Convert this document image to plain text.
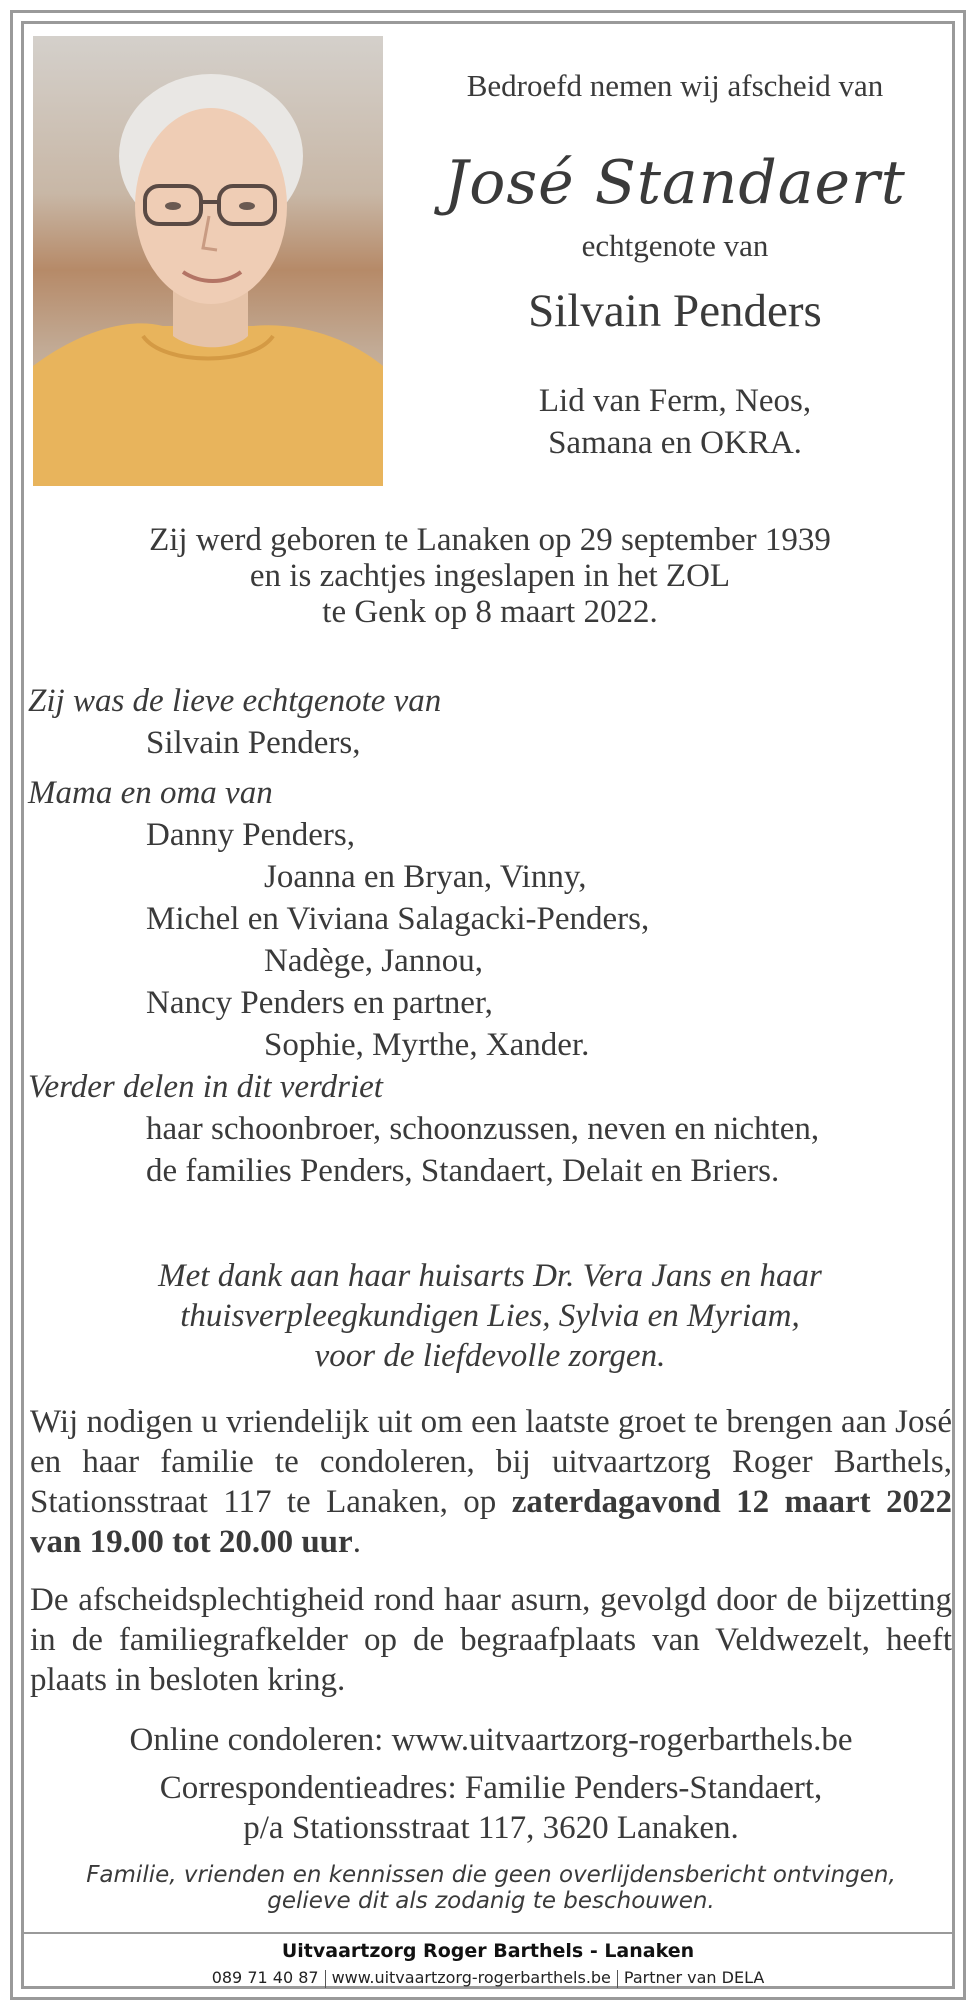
Bedroefd nemen wij afscheid van
José Standaert
echtgenote van
Silvain Penders
Lid van Ferm, Neos,
Samana en OKRA.
Zij werd geboren te Lanaken op 29 september 1939
en is zachtjes ingeslapen in het ZOL
te Genk op 8 maart 2022.
Zij was de lieve echtgenote van
Silvain Penders,
Mama en oma van
Danny Penders,
Joanna en Bryan, Vinny,
Michel en Viviana Salagacki-Penders,
Nadège, Jannou,
Nancy Penders en partner,
Sophie, Myrthe, Xander.
Verder delen in dit verdriet
haar schoonbroer, schoonzussen, neven en nichten,
de families Penders, Standaert, Delait en Briers.
Met dank aan haar huisarts Dr. Vera Jans en haar
thuisverpleegkundigen Lies, Sylvia en Myriam,
voor de liefdevolle zorgen.
Wij nodigen u vriendelijk uit om een laatste groet te brengen aan José en haar familie te condoleren, bij uitvaartzorg Roger Barthels, Stationsstraat 117 te Lanaken, op zaterdagavond 12 maart 2022 van 19.00 tot 20.00 uur.
De afscheidsplechtigheid rond haar asurn, gevolgd door de bijzetting in de familiegrafkelder op de begraafplaats van Veldwezelt, heeft plaats in besloten kring.
Online condoleren: www.uitvaartzorg-rogerbarthels.be
Correspondentieadres: Familie Penders-Standaert,
p/a Stationsstraat 117, 3620 Lanaken.
Familie, vrienden en kennissen die geen overlijdensbericht ontvingen,
gelieve dit als zodanig te beschouwen.
Uitvaartzorg Roger Barthels - Lanaken
089 71 40 87 www.uitvaartzorg-rogerbarthels.be Partner van DELA
